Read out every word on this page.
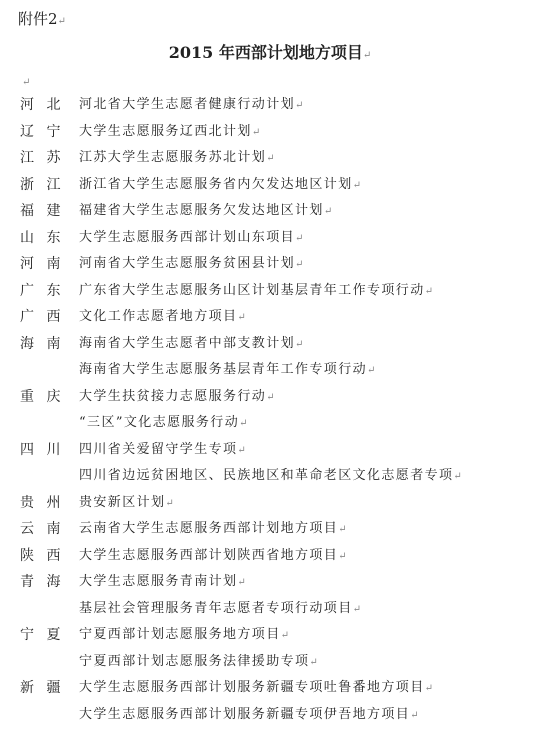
附件2↵
2015 年西部计划地方项目↵
↵
河 北 河北省大学生志愿者健康行动计划↵
辽 宁 大学生志愿服务辽西北计划↵
江 苏 江苏大学生志愿服务苏北计划↵
浙 江 浙江省大学生志愿服务省内欠发达地区计划↵
福 建 福建省大学生志愿服务欠发达地区计划↵
山 东 大学生志愿服务西部计划山东项目↵
河 南 河南省大学生志愿服务贫困县计划↵
广 东 广东省大学生志愿服务山区计划基层青年工作专项行动↵
广 西 文化工作志愿者地方项目↵
海 南 海南省大学生志愿者中部支教计划↵
海南省大学生志愿服务基层青年工作专项行动↵
重 庆 大学生扶贫接力志愿服务行动↵
“三区”文化志愿服务行动↵
四 川 四川省关爱留守学生专项↵
四川省边远贫困地区、民族地区和革命老区文化志愿者专项↵
贵 州 贵安新区计划↵
云 南 云南省大学生志愿服务西部计划地方项目↵
陕 西 大学生志愿服务西部计划陕西省地方项目↵
青 海 大学生志愿服务青南计划↵
基层社会管理服务青年志愿者专项行动项目↵
宁 夏 宁夏西部计划志愿服务地方项目↵
宁夏西部计划志愿服务法律援助专项↵
新 疆 大学生志愿服务西部计划服务新疆专项吐鲁番地方项目↵
大学生志愿服务西部计划服务新疆专项伊吾地方项目↵
